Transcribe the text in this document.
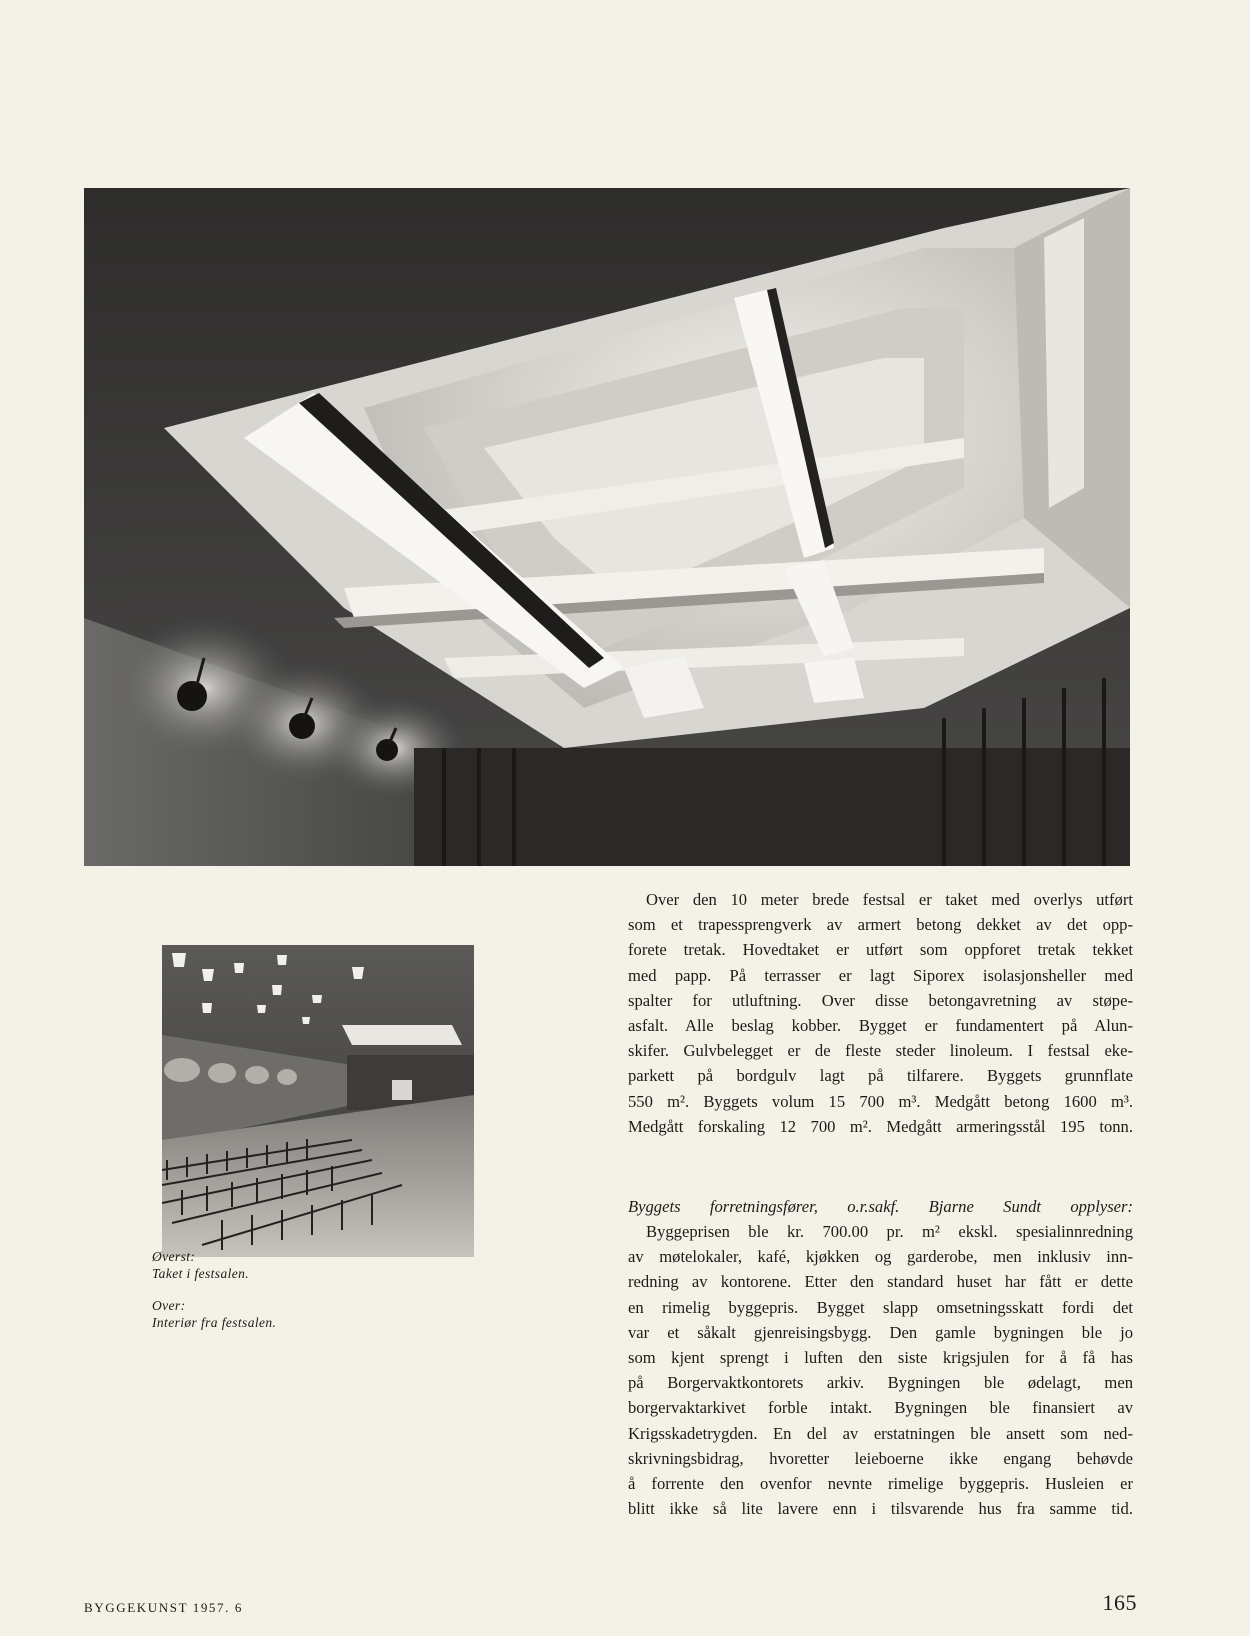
Øverst:
Taket i festsalen.

Over:
Interiør fra festsalen.

Over den 10 meter brede festsal er taket med overlys utført
som et trapessprengverk av armert betong dekket av det opp-
forete tretak. Hovedtaket er utført som oppforet tretak tekket
med papp. På terrasser er lagt Siporex isolasjonsheller med
spalter for utluftning. Over disse betongavretning av støpe-
asfalt. Alle beslag kobber. Bygget er fundamentert på Alun-
skifer. Gulvbelegget er de fleste steder linoleum. I festsal eke-
parkett på bordgulv lagt på tilfarere. Byggets grunnflate
550 m². Byggets volum 15 700 m³. Medgått betong 1600 m³.
Medgått forskaling 12 700 m². Medgått armeringsstål 195 tonn.

Byggets forretningsfører, o.r.sakf. Bjarne Sundt opplyser:

Byggeprisen ble kr. 700.00 pr. m² ekskl. spesialinnredning
av møtelokaler, kafé, kjøkken og garderobe, men inklusiv inn-
redning av kontorene. Etter den standard huset har fått er dette
en rimelig byggepris. Bygget slapp omsetningsskatt fordi det
var et såkalt gjenreisingsbygg. Den gamle bygningen ble jo
som kjent sprengt i luften den siste krigsjulen for å få has
på Borgervaktkontorets arkiv. Bygningen ble ødelagt, men
borgervaktarkivet forble intakt. Bygningen ble finansiert av
Krigsskadetrygden. En del av erstatningen ble ansett som ned-
skrivningsbidrag, hvoretter leieboerne ikke engang behøvde
å forrente den ovenfor nevnte rimelige byggepris. Husleien er
blitt ikke så lite lavere enn i tilsvarende hus fra samme tid.
BYGGEKUNST 1957. 6	165
